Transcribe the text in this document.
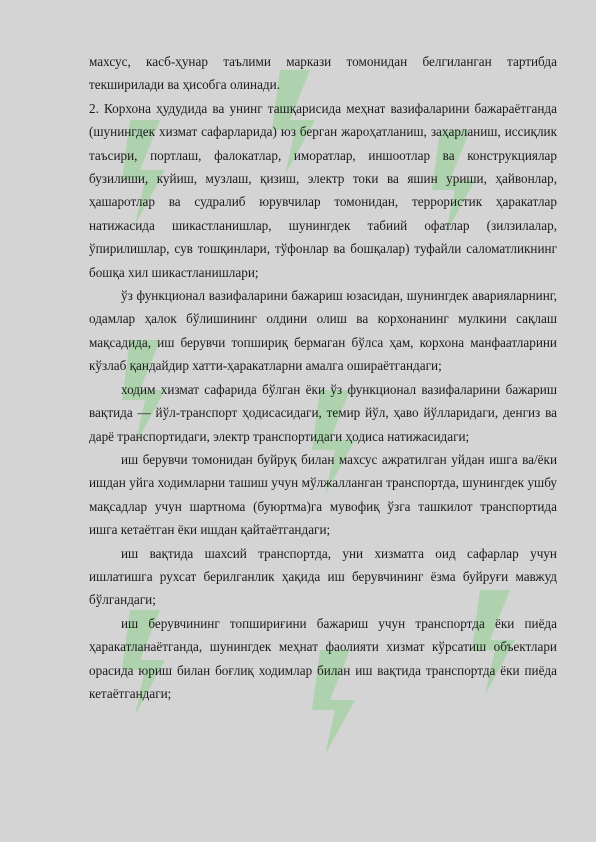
махсус, касб-ҳунар таълими маркази томонидан белгиланган тартибда текширилади ва ҳисобга олинади.

2. Корхона ҳудудида ва унинг ташқарисида меҳнат вазифаларини бажараётганда (шунингдек хизмат сафарларида) юз берган жароҳатланиш, заҳарланиш, иссиқлик таъсири, портлаш, фалокатлар, иморатлар, иншоотлар ва конструкциялар бузилиши, куйиш, музлаш, қизиш, электр токи ва яшин уриши, ҳайвонлар, ҳашаротлар ва судралиб юрувчилар томонидан, террористик ҳаракатлар натижасида шикастланишлар, шунингдек табиий офатлар (зилзилалар, ўпирилишлар, сув тошқинлари, тўфонлар ва бошқалар) туфайли саломатликнинг бошқа хил шикастланишлари;

ўз функционал вазифаларини бажариш юзасидан, шунингдек аварияларнинг, одамлар ҳалок бўлишининг олдини олиш ва корхонанинг мулкини сақлаш мақсадида, иш берувчи топшириқ бермаган бўлса ҳам, корхона манфаатларини кўзлаб қандайдир хатти-ҳаракатларни амалга оширaётгандаги;

ходим хизмат сафарида бўлган ёки ўз функционал вазифаларини бажариш вақтида — йўл-транспорт ҳодисасидаги, темир йўл, ҳаво йўлларидаги, денгиз ва дарё транспортидаги, электр транспортидаги ҳодиса натижасидаги;

иш берувчи томонидан буйруқ билан махсус ажратилган уйдан ишга ва/ёки ишдан уйга ходимларни ташиш учун мўлжалланган транспортда, шунингдек ушбу мақсадлар учун шартнома (буюртма)га мувофиқ ўзга ташкилот транспортида ишга кетаётган ёки ишдан қайтаётгандаги;

иш вақтида шахсий транспортда, уни хизматга оид сафарлар учун ишлатишга рухсат берилганлик ҳақида иш берувчининг ёзма буйруғи мавжуд бўлгандаги;

иш берувчининг топшириғини бажариш учун транспортда ёки пиёда ҳаракатланаётганда, шунингдек меҳнат фаолияти хизмат кўрсатиш объектлари орасида юриш билан боғлиқ ходимлар билан иш вақтида транспортда ёки пиёда кетаётгандаги;
